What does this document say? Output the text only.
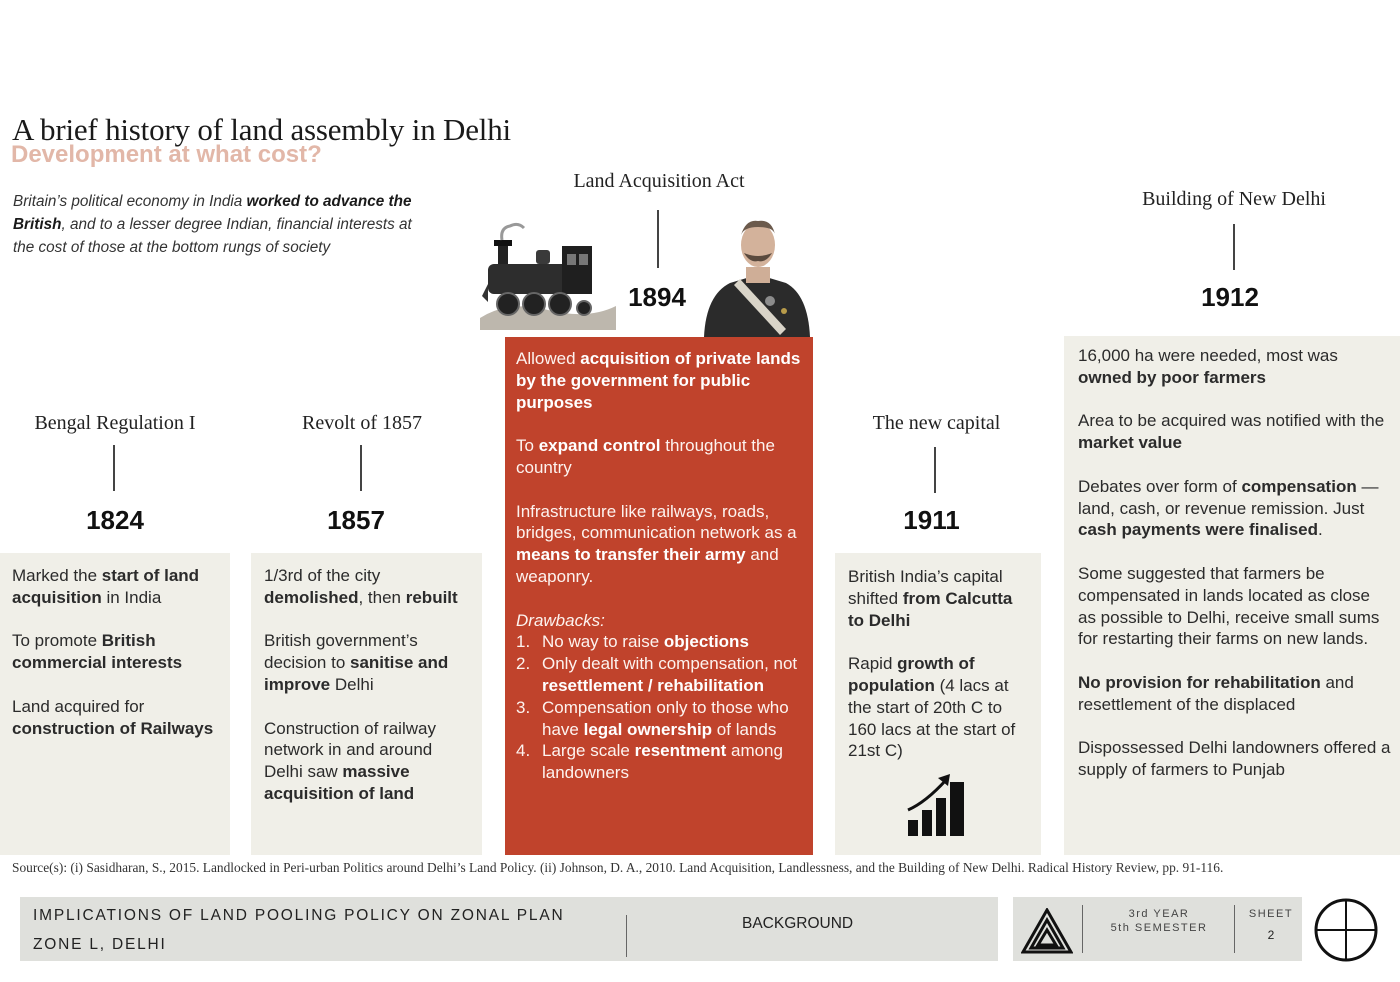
A brief history of land assembly in Delhi
Development at what cost?
Britain’s political economy in India worked to advance the British, and to a lesser degree Indian, financial interests at the cost of those at the bottom rungs of society
Bengal Regulation I
1824

Marked the start of land acquisition in India

To promote British commercial interests

Land acquired for construction of Railways

Revolt of 1857
1857

1/3rd of the city demolished, then rebuilt

British government’s decision to sanitise and improve Delhi

Construction of railway network in and around Delhi saw massive acquisition of land

Land Acquisition Act
1894

Allowed acquisition of private lands by the government for public purposes

To expand control throughout the country

Infrastructure like railways, roads, bridges, communication network as a means to transfer their army and weaponry.

Drawbacks:
1. No way to raise objections
2. Only dealt with compensation, not resettlement / rehabilitation
3. Compensation only to those who have legal ownership of lands
4. Large scale resentment among landowners
The new capital
1911

British India’s capital shifted from Calcutta to Delhi

Rapid growth of population (4 lacs at the start of 20th C to 160 lacs at the start of 21st C)

Building of New Delhi
1912

16,000 ha were needed, most was owned by poor farmers

Area to be acquired was notified with the market value

Debates over form of compensation — land, cash, or revenue remission. Just cash payments were finalised.

Some suggested that farmers be compensated in lands located as close as possible to Delhi, receive small sums for restarting their farms on new lands.

No provision for rehabilitation and resettlement of the displaced

Dispossessed Delhi landowners offered a supply of farmers to Punjab

Source(s): (i) Sasidharan, S., 2015. Landlocked in Peri-urban Politics around Delhi’s Land Policy. (ii) Johnson, D. A., 2010. Land Acquisition, Landlessness, and the Building of New Delhi. Radical History Review, pp. 91-116.
IMPLICATIONS OF LAND POOLING POLICY ON ZONAL PLAN
ZONE L, DELHI
BACKGROUND
3rd YEAR
5th SEMESTER
SHEET
2
